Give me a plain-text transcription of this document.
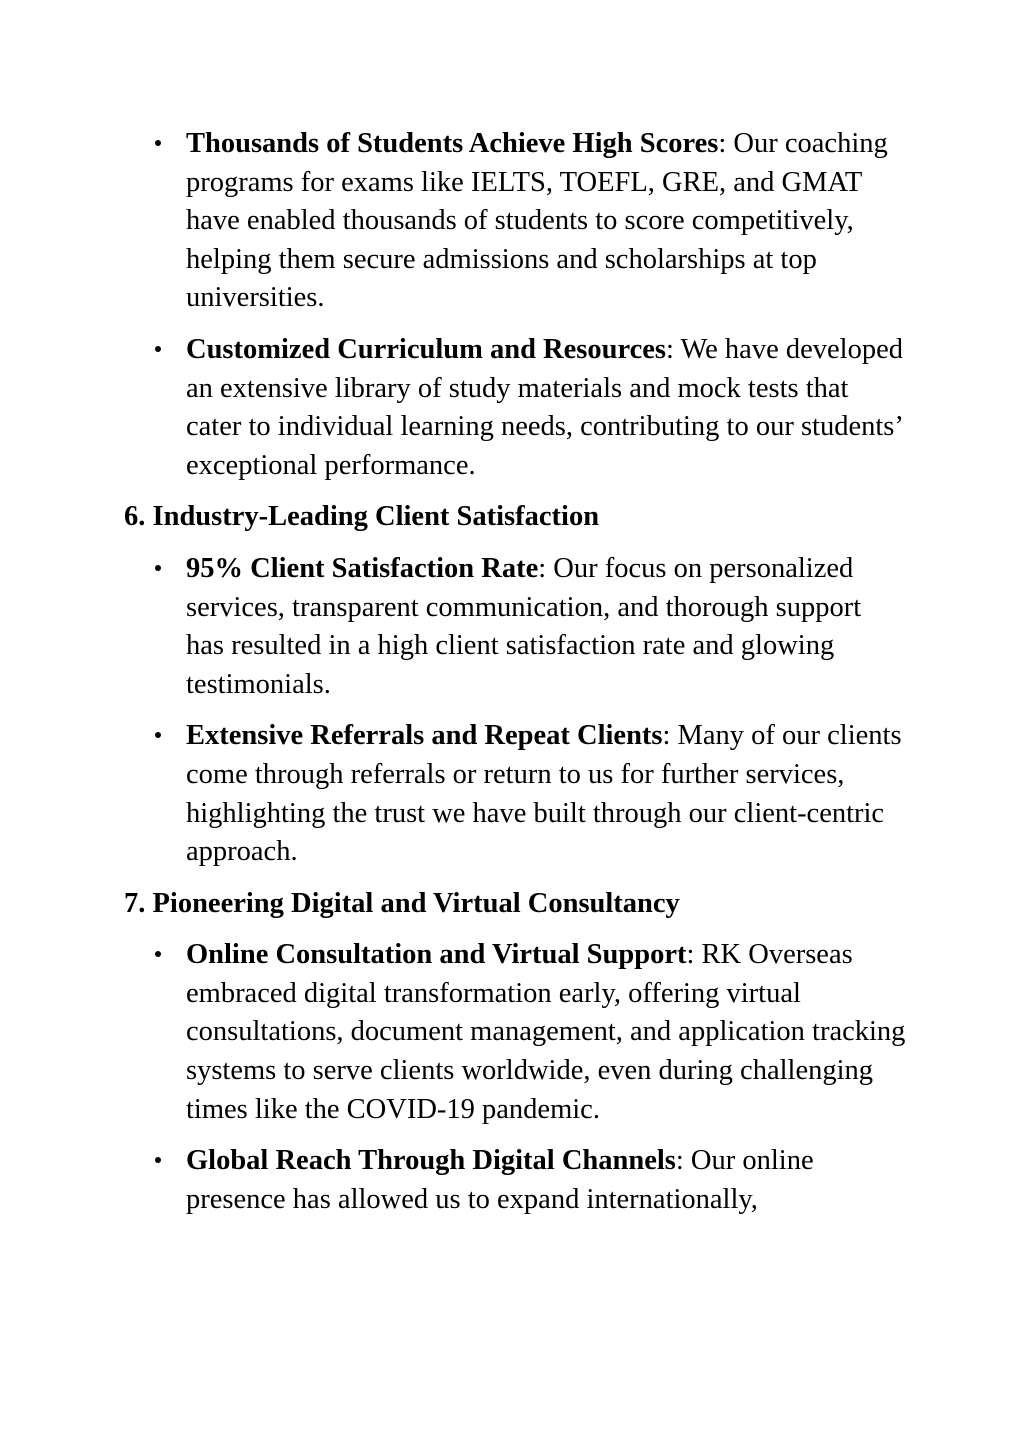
Thousands of Students Achieve High Scores: Our coaching programs for exams like IELTS, TOEFL, GRE, and GMAT have enabled thousands of students to score competitively, helping them secure admissions and scholarships at top universities.
Customized Curriculum and Resources: We have developed an extensive library of study materials and mock tests that cater to individual learning needs, contributing to our students’ exceptional performance.
6. Industry-Leading Client Satisfaction
95% Client Satisfaction Rate: Our focus on personalized services, transparent communication, and thorough support has resulted in a high client satisfaction rate and glowing testimonials.
Extensive Referrals and Repeat Clients: Many of our clients come through referrals or return to us for further services, highlighting the trust we have built through our client-centric approach.
7. Pioneering Digital and Virtual Consultancy
Online Consultation and Virtual Support: RK Overseas embraced digital transformation early, offering virtual consultations, document management, and application tracking systems to serve clients worldwide, even during challenging times like the COVID-19 pandemic.
Global Reach Through Digital Channels: Our online presence has allowed us to expand internationally,
